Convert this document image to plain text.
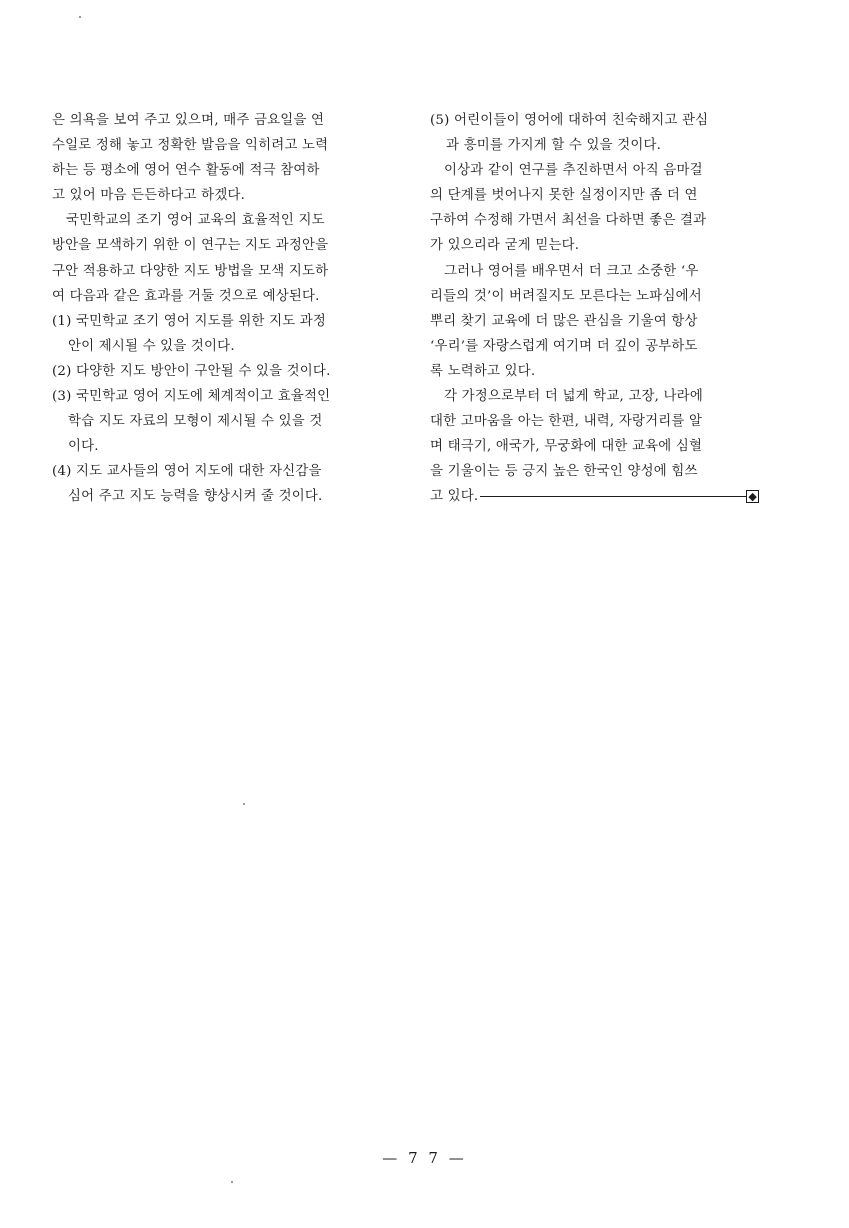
은 의욕을 보여 주고 있으며, 매주 금요일을 연
수일로 정해 놓고 정확한 발음을 익히려고 노력
하는 등 평소에 영어 연수 활동에 적극 참여하
고 있어 마음 든든하다고 하겠다.
국민학교의 조기 영어 교육의 효율적인 지도
방안을 모색하기 위한 이 연구는 지도 과정안을
구안 적용하고 다양한 지도 방법을 모색 지도하
여 다음과 같은 효과를 거둘 것으로 예상된다.
(1) 국민학교 조기 영어 지도를 위한 지도 과정
안이 제시될 수 있을 것이다.
(2) 다양한 지도 방안이 구안될 수 있을 것이다.
(3) 국민학교 영어 지도에 체계적이고 효율적인
학습 지도 자료의 모형이 제시될 수 있을 것
이다.
(4) 지도 교사들의 영어 지도에 대한 자신감을
심어 주고 지도 능력을 향상시켜 줄 것이다.
(5) 어린이들이 영어에 대하여 친숙해지고 관심
과 흥미를 가지게 할 수 있을 것이다.
이상과 같이 연구를 추진하면서 아직 음마걸
의 단계를 벗어나지 못한 실정이지만 좀 더 연
구하여 수정해 가면서 최선을 다하면 좋은 결과
가 있으리라 굳게 믿는다.
그러나 영어를 배우면서 더 크고 소중한 ‘우
리들의 것’이 버려질지도 모른다는 노파심에서
뿌리 찾기 교육에 더 많은 관심을 기울여 항상
‘우리’를 자랑스럽게 여기며 더 깊이 공부하도
록 노력하고 있다.
각 가정으로부터 더 넓게 학교, 고장, 나라에
대한 고마움을 아는 한편, 내력, 자랑거리를 알
며 태극기, 애국가, 무궁화에 대한 교육에 심혈
을 기울이는 등 긍지 높은 한국인 양성에 힘쓰
고 있다.	◆
— 7 7 —
